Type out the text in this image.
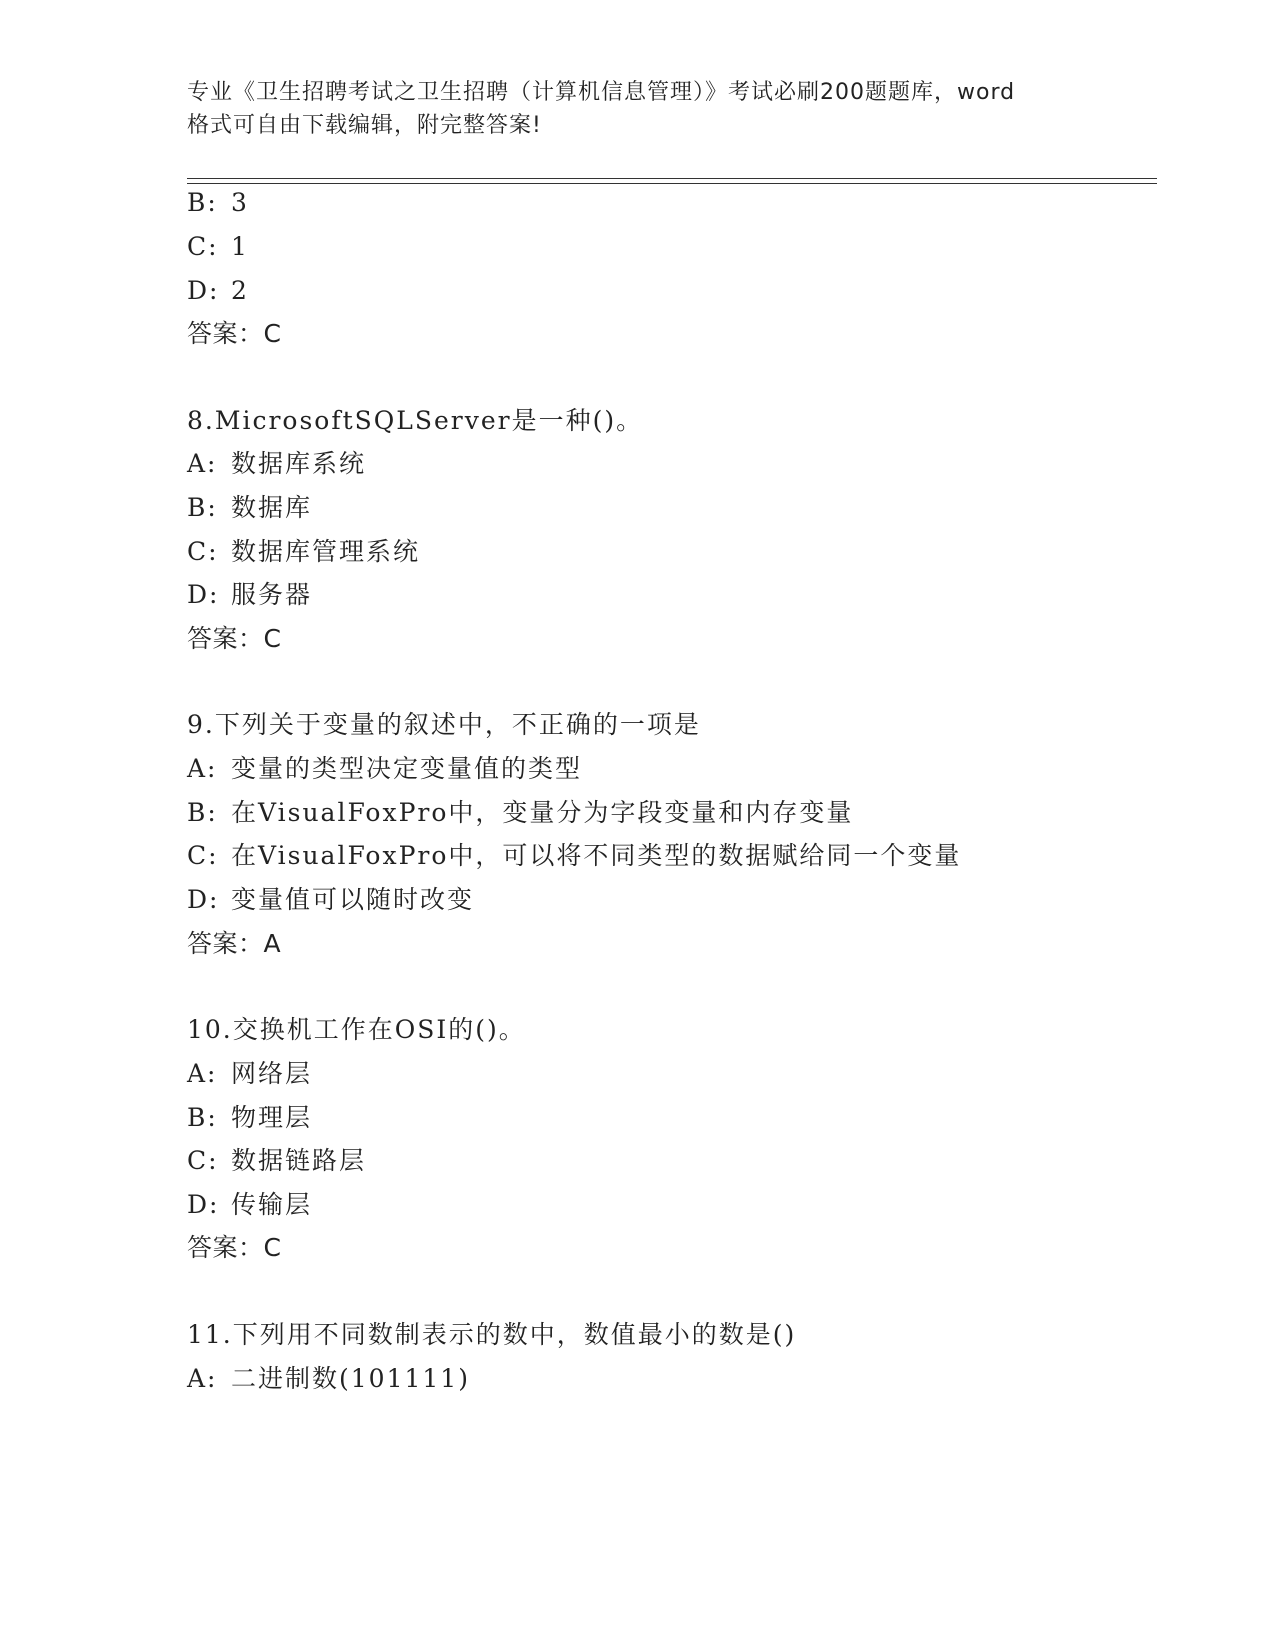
专业《卫生招聘考试之卫生招聘（计算机信息管理）》考试必刷200题题库，word
格式可自由下载编辑，附完整答案!
B: 3
C: 1
D: 2
答案：C
8.MicrosoftSQLServer是一种()。
A: 数据库系统
B: 数据库
C: 数据库管理系统
D: 服务器
答案：C
9.下列关于变量的叙述中，不正确的一项是
A: 变量的类型决定变量值的类型
B: 在VisualFoxPro中，变量分为字段变量和内存变量
C: 在VisualFoxPro中，可以将不同类型的数据赋给同一个变量
D: 变量值可以随时改变
答案：A
10.交换机工作在OSI的()。
A: 网络层
B: 物理层
C: 数据链路层
D: 传输层
答案：C
11.下列用不同数制表示的数中，数值最小的数是()
A: 二进制数(101111)
